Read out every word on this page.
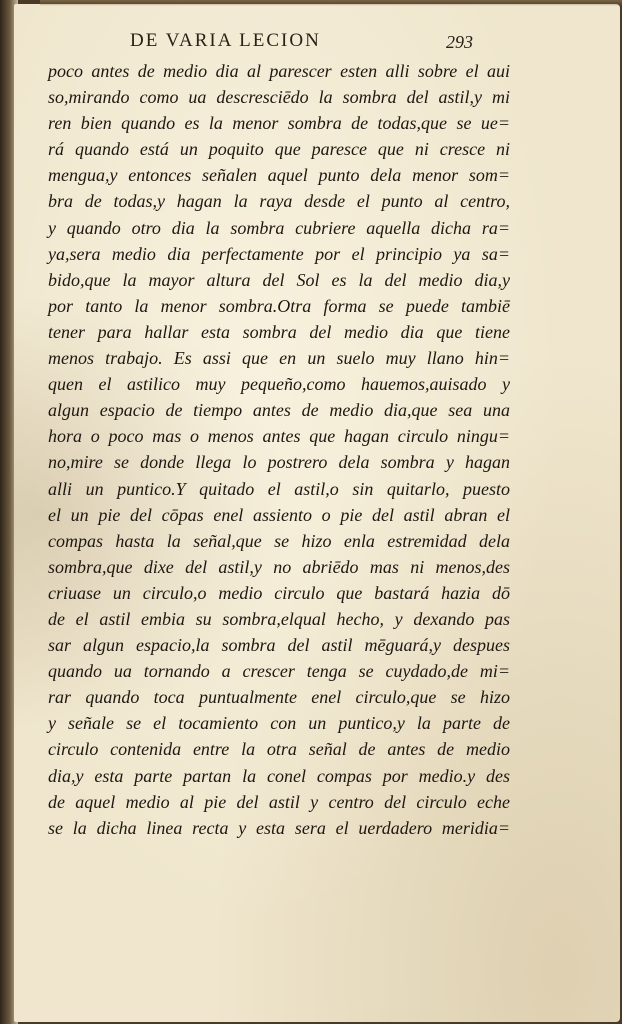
DE VARIA LECION	293
poco antes de medio dia al parescer esten alli sobre el aui
so,mirando como ua descresciēdo la sombra del astil,y mi
ren bien quando es la menor sombra de todas,que se ue=
rá quando está un poquito que paresce que ni cresce ni
mengua,y entonces señalen aquel punto dela menor som=
bra de todas,y hagan la raya desde el punto al centro,
y quando otro dia la sombra cubriere aquella dicha ra=
ya,sera medio dia perfectamente por el principio ya sa=
bido,que la mayor altura del Sol es la del medio dia,y
por tanto la menor sombra.Otra forma se puede tambiē
tener para hallar esta sombra del medio dia que tiene
menos trabajo. Es assi que en un suelo muy llano hin=
quen el astilico muy pequeño,como hauemos,auisado y
algun espacio de tiempo antes de medio dia,que sea una
hora o poco mas o menos antes que hagan circulo ningu=
no,mire se donde llega lo postrero dela sombra y hagan
alli un puntico.Y quitado el astil,o sin quitarlo, puesto
el un pie del cōpas enel assiento o pie del astil abran el
compas hasta la señal,que se hizo enla estremidad dela
sombra,que dixe del astil,y no abriēdo mas ni menos,des
criuase un circulo,o medio circulo que bastará hazia dō
de el astil embia su sombra,elqual hecho, y dexando pas
sar algun espacio,la sombra del astil mēguará,y despues
quando ua tornando a crescer tenga se cuydado,de mi=
rar quando toca puntualmente enel circulo,que se hizo
y señale se el tocamiento con un puntico,y la parte de
circulo contenida entre la otra señal de antes de medio
dia,y esta parte partan la conel compas por medio.y des
de aquel medio al pie del astil y centro del circulo eche
se la dicha linea recta y esta sera el uerdadero meridia=
